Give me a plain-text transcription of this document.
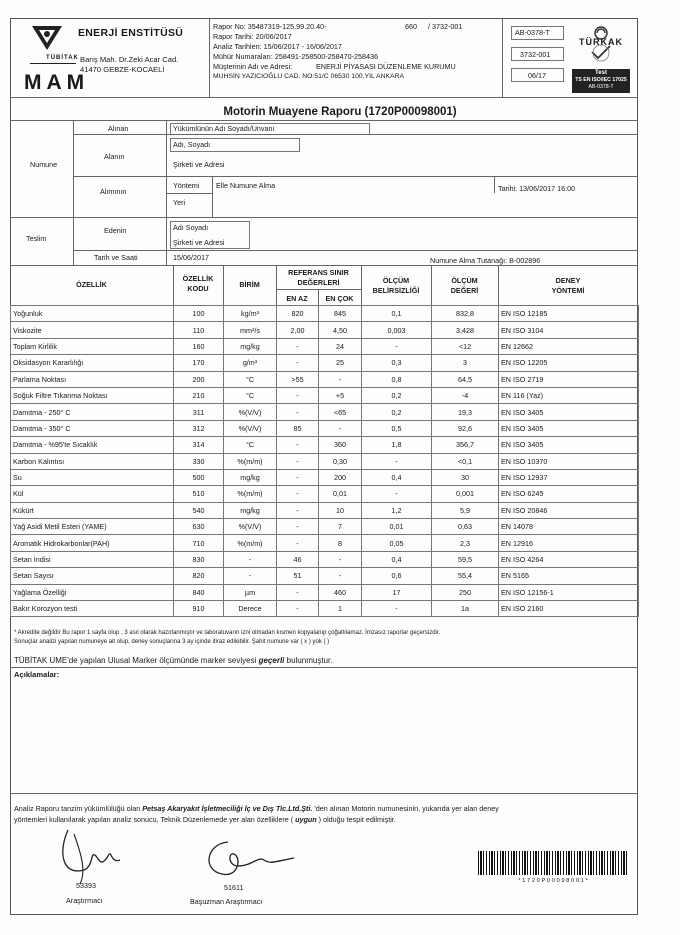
ENERJİ ENSTİTÜSÜ
TÜBİTAK Barış Mah. Dr.Zeki Acar Cad.
41470 GEBZE-KOCAELİ
MAM
Rapor No: 35487319-125.99.20.40-	660 / 3732-001
Rapor Tarihi: 20/06/2017
Analiz Tarihleri: 15/06/2017 - 16/06/2017
Mühür Numaraları: 258491-258500-258470-258436
Müşterinin Adı ve Adresi:	ENERJİ PİYASASI DÜZENLEME KURUMU
MUHSİN YAZICIOĞLU CAD. NO:51/C 06530 100.YIL ANKARA
AB-0378-T
3732-001
06/17
TÜRKAK
Test
TS EN ISO/IEC 17025
AB-0378-T
Motorin Muayene Raporu (1720P00098001)
Numune
Alınan	Yükümlünün Adı Soyadı/Unvanı
Alanın
Adı, Soyadı
Şirketi ve Adresi
Alımının
Yöntemi Elle Numune Alma	Tarihi: 13/06/2017 16:00
Yeri
Teslim
Edenin	Adı Soyadı
Şirketi ve Adresi
Tarih ve Saati	15/06/2017	Numune Alma Tutanağı: B-002896
ÖZELLİK
ÖZELLİK
KODU	BİRİM
REFERANS SINIR
DEĞERLERİ
EN AZ	EN ÇOK
ÖLÇÜM
BELİRSİZLİĞİ
ÖLÇÜM
DEĞERİ
DENEY
YÖNTEMİ
Yoğunluk	100	kg/m³	820	845	0,1	832,8	EN ISO 12185
Viskozite	110	mm²/s	2,00	4,50	0,003	3,428	EN ISO 3104
Toplam Kirlilik	160	mg/kg	-	24	-	<12	EN 12662
Oksidasyon Kararlılığı	170	g/m³	-	25	0,3	3	EN ISO 12205
Parlama Noktası	200	°C	>55	-	0,8	64,5	EN ISO 2719
Soğuk Filtre Tıkanma Noktası	210	°C	-	+5	0,2	-4	EN 116 (Yaz)
Damıtma - 250° C	311	%(V/V)	-	<65	0,2	19,3	EN ISO 3405
Damıtma - 350° C	312	%(V/V)	85	-	0,5	92,6	EN ISO 3405
Damıtma - %95'te Sıcaklık	314	°C	-	360	1,8	356,7	EN ISO 3405
Karbon Kalıntısı	330	%(m/m)	-	0,30	-	<0,1	EN ISO 10370
Su	500	mg/kg	-	200	0,4	30	EN ISO 12937
Kül	510	%(m/m)	-	0,01	-	0,001	EN ISO 6245
Kükürt	540	mg/kg	-	10	1,2	5,9	EN ISO 20846
Yağ Asidi Metil Esteri (YAME)	630	%(V/V)	-	7	0,01	0,63	EN 14078
Aromatik Hidrokarbonlar(PAH)	710	%(m/m)	-	8	0,05	2,3	EN 12916
Setan İndisi	830	-	46	-	0,4	59,5	EN ISO 4264
Setan Sayısı	820	-	51	-	0,6	55,4	EN 5165
Yağlama Özelliği	840	µm	-	460	17	250	EN ISO 12156-1
Bakır Korozyon testi	910	Derece	-	1	-	1a	EN ISO 2160
* Akredite değildir Bu rapor 1 sayfa olup , 3 asıl olarak hazırlanmıştır ve laboratuvarın izni olmadan kısmen kopyalanıp çoğaltılamaz. İmzasız raporlar geçersizdir.
Sonuçlar analizi yapılan numuneye ait olup, deney sonuçlarına 3 ay içinde itiraz edilebilir. Şahit numune var ( x ) yok ( )
TÜBİTAK UME'de yapılan Ulusal Marker ölçümünde marker seviyesi geçerli bulunmuştur.
Açıklamalar:
Analiz Raporu tanzim yükümlülüğü olan Petsaş Akaryakıt İşletmeciliği İç ve Dış Tic.Ltd.Şti. 'den alınan Motorin numunesinin, yukarıda yer alan deney
yöntemleri kullanılarak yapılan analiz sonucu, Teknik Düzenlemede yer alan özelliklere ( uygun ) olduğu tespit edilmiştir.
53393
Araştırmacı
51611
Başuzman Araştırmacı
* 1 7 2 0 P 0 0 0 9 8 0 0 1 *
